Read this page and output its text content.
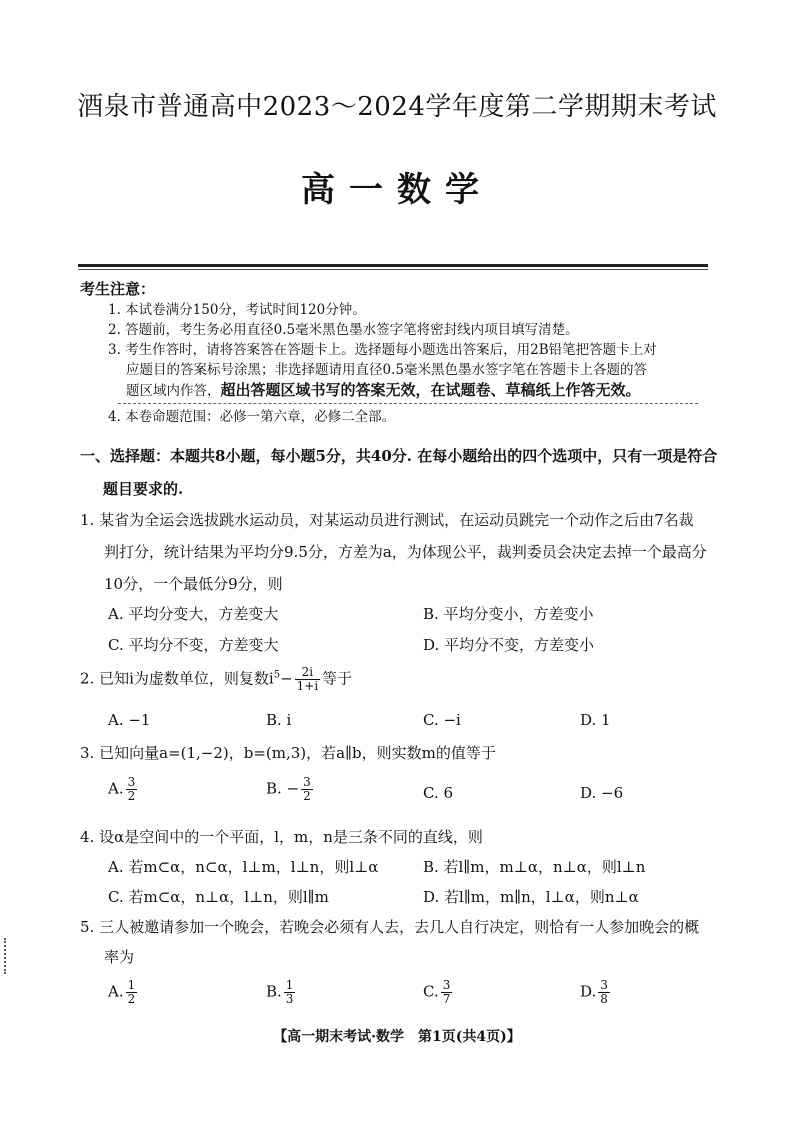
酒泉市普通高中2023～2024学年度第二学期期末考试
高一数学
考生注意：
1. 本试卷满分150分，考试时间120分钟。
2. 答题前，考生务必用直径0.5毫米黑色墨水签字笔将密封线内项目填写清楚。
3. 考生作答时，请将答案答在答题卡上。选择题每小题选出答案后，用2B铅笔把答题卡上对
应题目的答案标号涂黑；非选择题请用直径0.5毫米黑色墨水签字笔在答题卡上各题的答
题区域内作答，超出答题区域书写的答案无效，在试题卷、草稿纸上作答无效。
4. 本卷命题范围：必修一第六章，必修二全部。
一、选择题：本题共8小题，每小题5分，共40分. 在每小题给出的四个选项中，只有一项是符合
题目要求的.
1. 某省为全运会选拔跳水运动员，对某运动员进行测试，在运动员跳完一个动作之后由7名裁
判打分，统计结果为平均分9.5分，方差为a，为体现公平，裁判委员会决定去掉一个最高分
10分，一个最低分9分，则
A. 平均分变大，方差变大	B. 平均分变小，方差变小
C. 平均分不变，方差变大	D. 平均分不变，方差变小
2. 已知i为虚数单位，则复数$i^5- \frac{2i}{1+i}$ 等于
A. −1	B. i	C. −i	D. 1
3. 已知向量a=(1,−2)，b=(m,3)，若a∥b，则实数m的值等于
A. $\frac{3}{2}$	B. − $\frac{3}{2}$	C. 6	D. −6
4. 设α是空间中的一个平面，l，m，n是三条不同的直线，则
A. 若m⊂α，n⊂α，l⊥m，l⊥n，则l⊥α	B. 若l∥m，m⊥α，n⊥α，则l⊥n
C. 若m⊂α，n⊥α，l⊥n，则l∥m	D. 若l∥m，m∥n，l⊥α，则n⊥α
5. 三人被邀请参加一个晚会，若晚会必须有人去，去几人自行决定，则恰有一人参加晚会的概
率为
A. $\frac{1}{2}$	B. $\frac{1}{3}$	C. $\frac{3}{7}$	D. $\frac{3}{8}$
【高一期末考试·数学　第1页(共4页)】
